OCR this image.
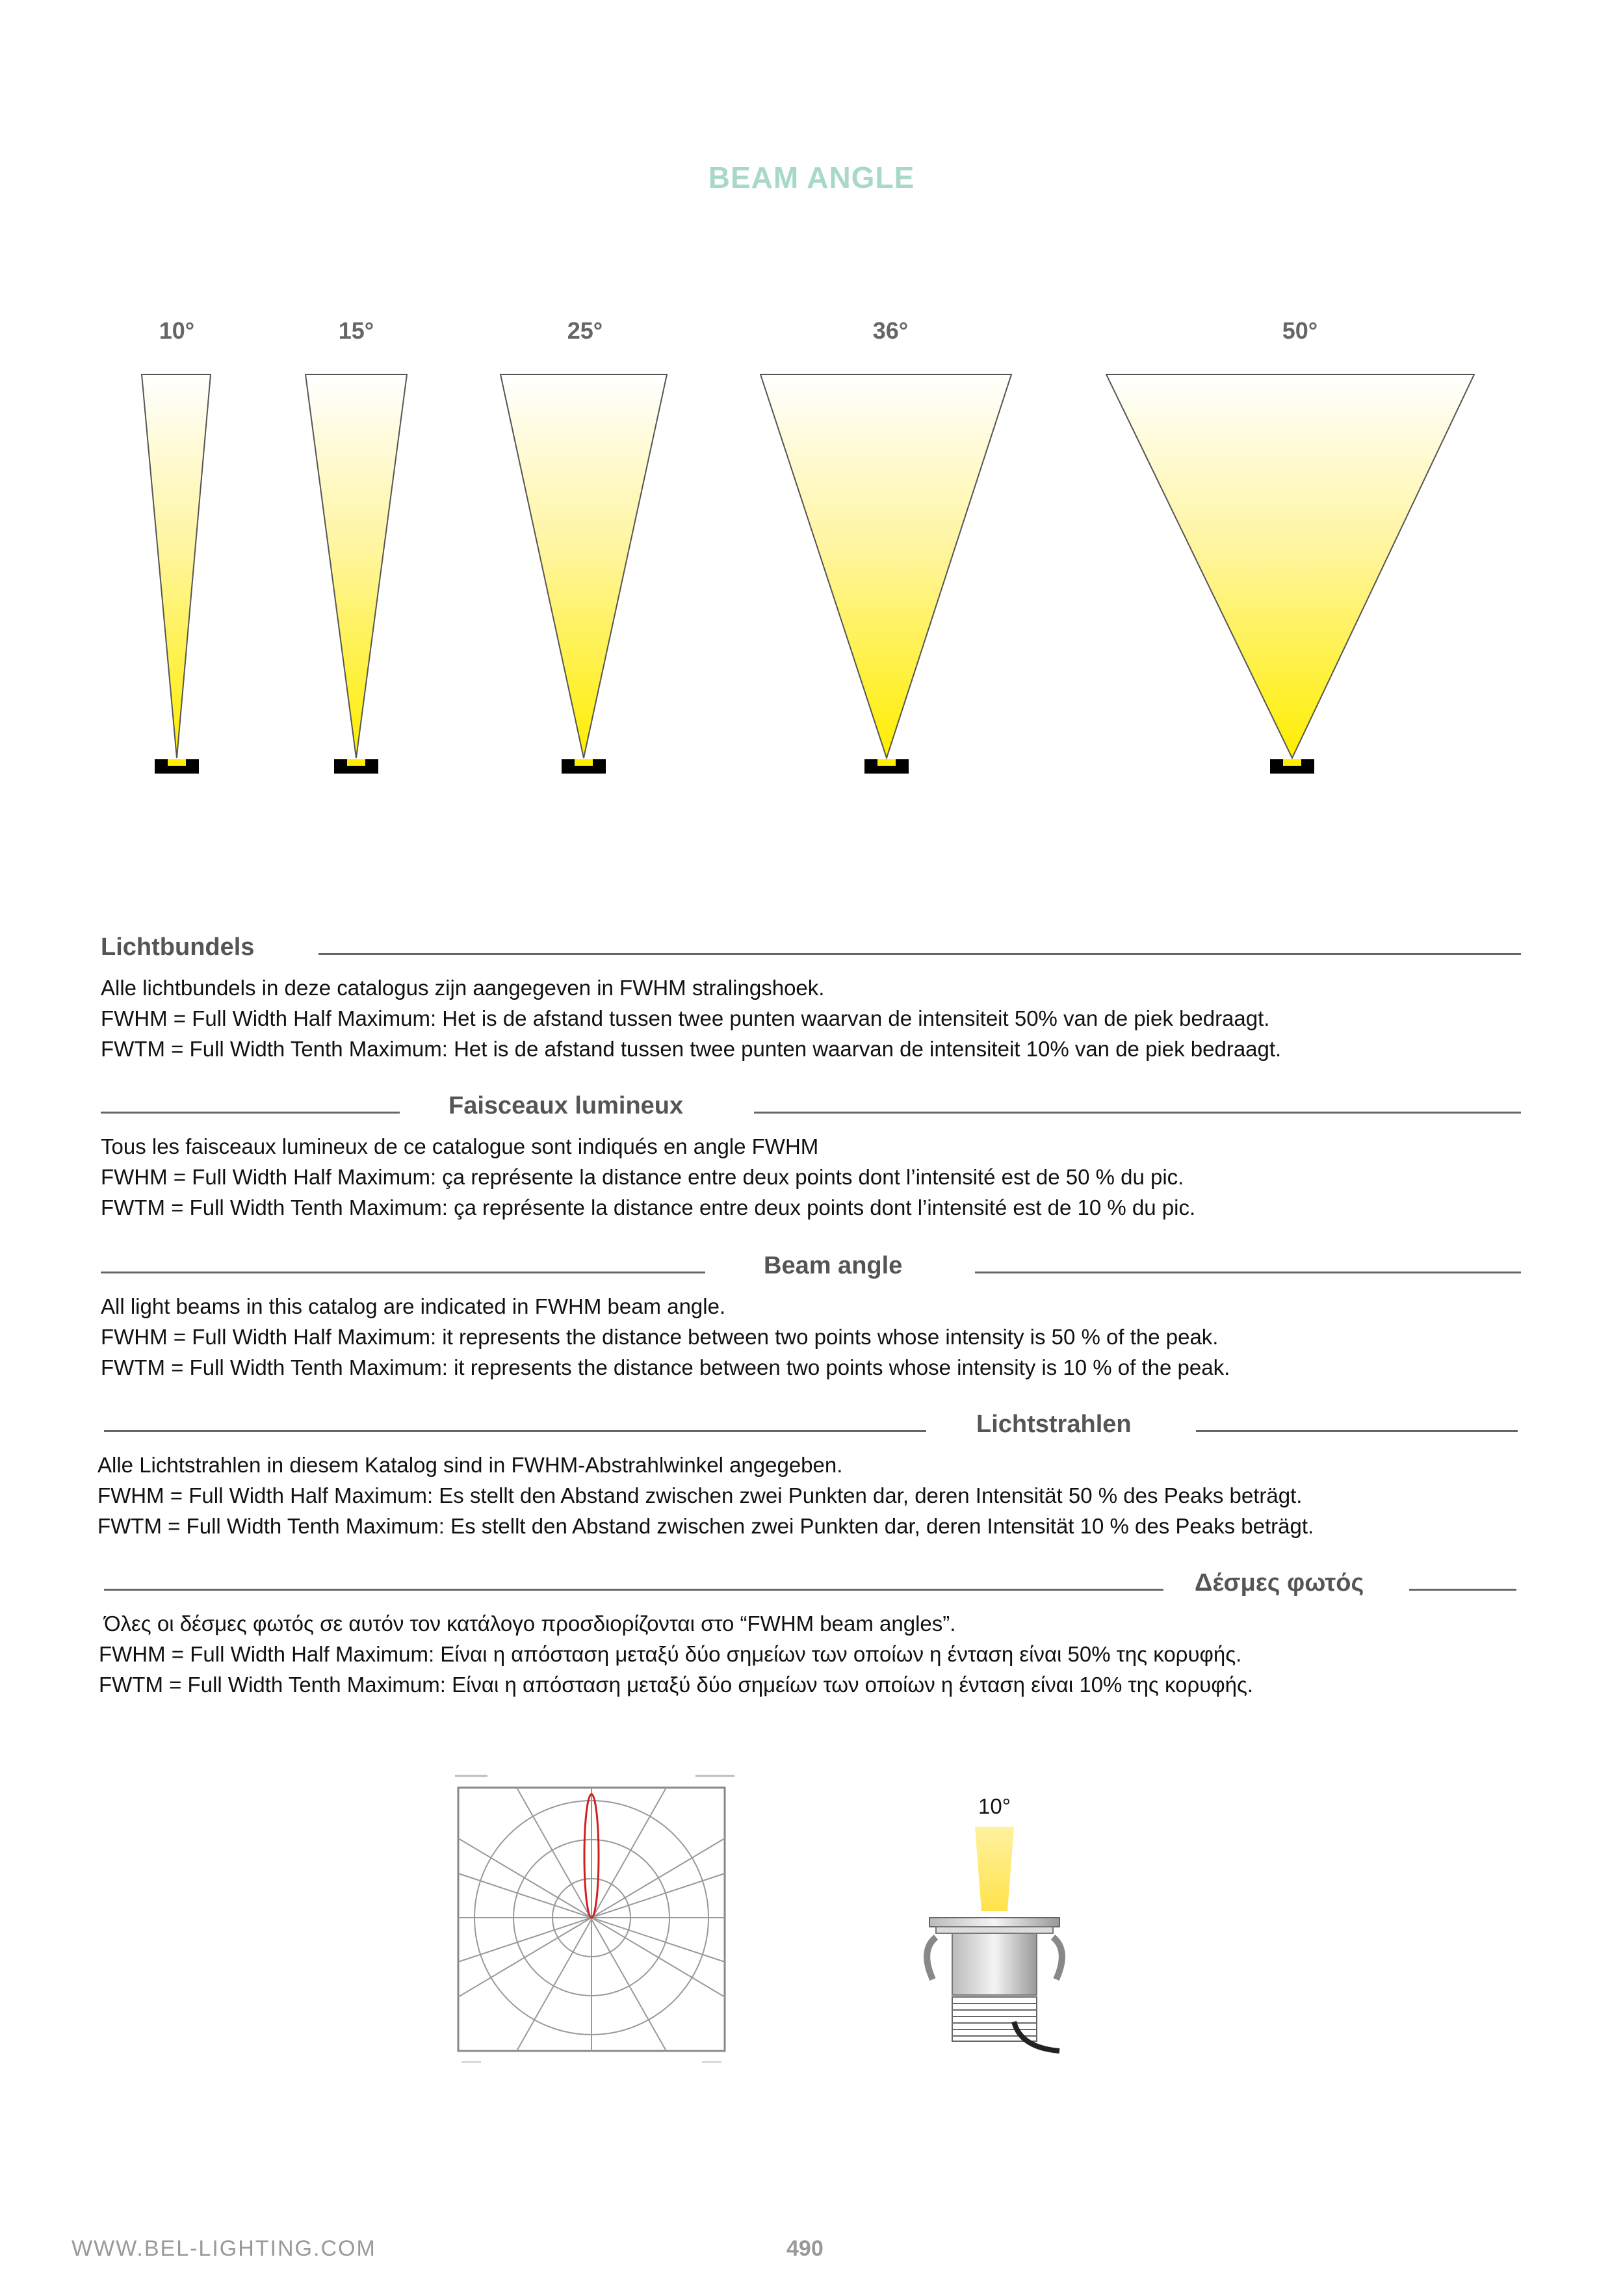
BEAM ANGLE
10°	15°	25°	36°	50°
Lichtbundels
Alle lichtbundels in deze catalogus zijn aangegeven in FWHM stralingshoek.
FWHM = Full Width Half Maximum: Het is de afstand tussen twee punten waarvan de intensiteit 50% van de piek bedraagt.
FWTM = Full Width Tenth Maximum: Het is de afstand tussen twee punten waarvan de intensiteit 10% van de piek bedraagt.
Faisceaux lumineux
Tous les faisceaux lumineux de ce catalogue sont indiqués en angle FWHM
FWHM = Full Width Half Maximum: ça représente la distance entre deux points dont l’intensité est de 50 % du pic.
FWTM = Full Width Tenth Maximum: ça représente la distance entre deux points dont l’intensité est de 10 % du pic.
Beam angle
All light beams in this catalog are indicated in FWHM beam angle.
FWHM = Full Width Half Maximum: it represents the distance between two points whose intensity is 50 % of the peak.
FWTM = Full Width Tenth Maximum: it represents the distance between two points whose intensity is 10 % of the peak.
Lichtstrahlen
Alle Lichtstrahlen in diesem Katalog sind in FWHM-Abstrahlwinkel angegeben.
FWHM = Full Width Half Maximum: Es stellt den Abstand zwischen zwei Punkten dar, deren Intensität 50 % des Peaks beträgt.
FWTM = Full Width Tenth Maximum: Es stellt den Abstand zwischen zwei Punkten dar, deren Intensität 10 % des Peaks beträgt.
Δέσμες φωτός
Όλες οι δέσμες φωτός σε αυτόν τον κατάλογο προσδιορίζονται στο “FWHM beam angles”.
FWHM = Full Width Half Maximum: Είναι η απόσταση μεταξύ δύο σημείων των οποίων η ένταση είναι 50% της κορυφής.
FWTM = Full Width Tenth Maximum: Είναι η απόσταση μεταξύ δύο σημείων των οποίων η ένταση είναι 10% της κορυφής.
10°
WWW.BEL-LIGHTING.COM	490
